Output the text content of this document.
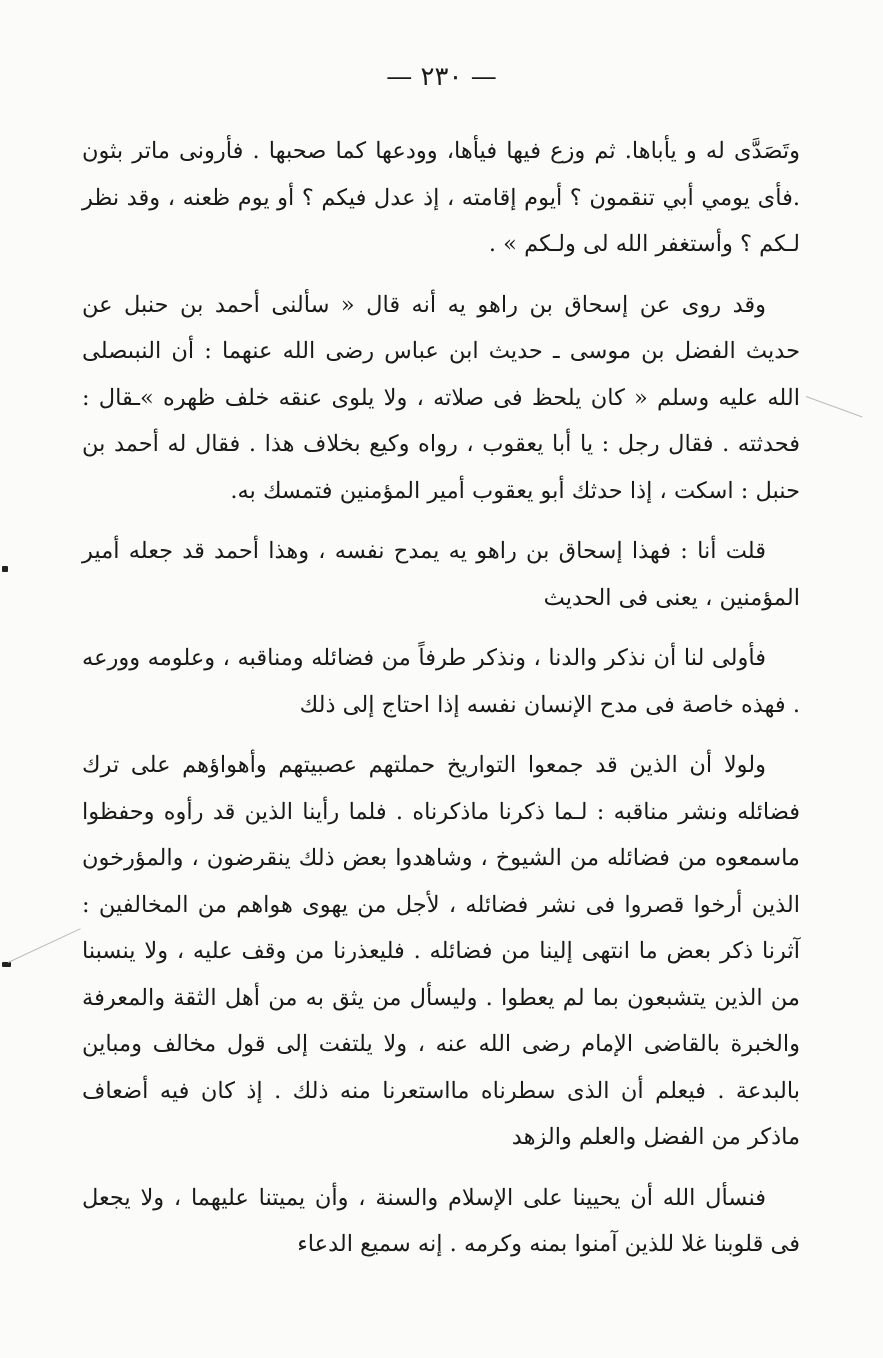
— ٢٣٠ —

وتَصَدَّى له و يأباها. ثم وزع فيها فيأها، وودعها كما صحبها . فأرونى ماتر بثون .فأى يومي أبي تنقمون ؟ أيوم إقامته ، إذ عدل فيكم ؟ أو يوم ظعنه ، وقد نظر لـكم ؟ وأستغفر الله لى ولـكم » .

وقد روى عن إسحاق بن راهو يه أنه قال « سألنى أحمد بن حنبل عن حديث الفضل بن موسى ـ حديث ابن عباس رضى الله عنهما : أن النبىصلى الله عليه وسلم « كان يلحظ فى صلاته ، ولا يلوى عنقه خلف ظهره »ـقال : فحدثته . فقال رجل : يا أبا يعقوب ، رواه وكيع بخلاف هذا . فقال له أحمد بن حنبل : اسكت ، إذا حدثك أبو يعقوب أمير المؤمنين فتمسك به.

قلت أنا : فهذا إسحاق بن راهو يه يمدح نفسه ، وهذا أحمد قد جعله أمير المؤمنين ، يعنى فى الحديث

فأولى لنا أن نذكر والدنا ، ونذكر طرفاً من فضائله ومناقبه ، وعلومه وورعه . فهذه خاصة فى مدح الإنسان نفسه إذا احتاج إلى ذلك

ولولا أن الذين قد جمعوا التواريخ حملتهم عصبيتهم وأهواؤهم على ترك فضائله ونشر مناقبه : لـما ذكرنا ماذكرناه . فلما رأينا الذين قد رأوه وحفظوا ماسمعوه من فضائله من الشيوخ ، وشاهدوا بعض ذلك ينقرضون ، والمؤرخون الذين أرخوا قصروا فى نشر فضائله ، لأجل من يهوى هواهم من المخالفين : آثرنا ذكر بعض ما انتهى إلينا من فضائله . فليعذرنا من وقف عليه ، ولا ينسبنا من الذين يتشبعون بما لم يعطوا . وليسأل من يثق به من أهل الثقة والمعرفة والخبرة بالقاضى الإمام رضى الله عنه ، ولا يلتفت إلى قول مخالف ومباين بالبدعة . فيعلم أن الذى سطرناه مااستعرنا منه ذلك . إذ كان فيه أضعاف ماذكر من الفضل والعلم والزهد

فنسأل الله أن يحيينا على الإسلام والسنة ، وأن يميتنا عليهما ، ولا يجعل فى قلوبنا غلا للذين آمنوا بمنه وكرمه . إنه سميع الدعاء
